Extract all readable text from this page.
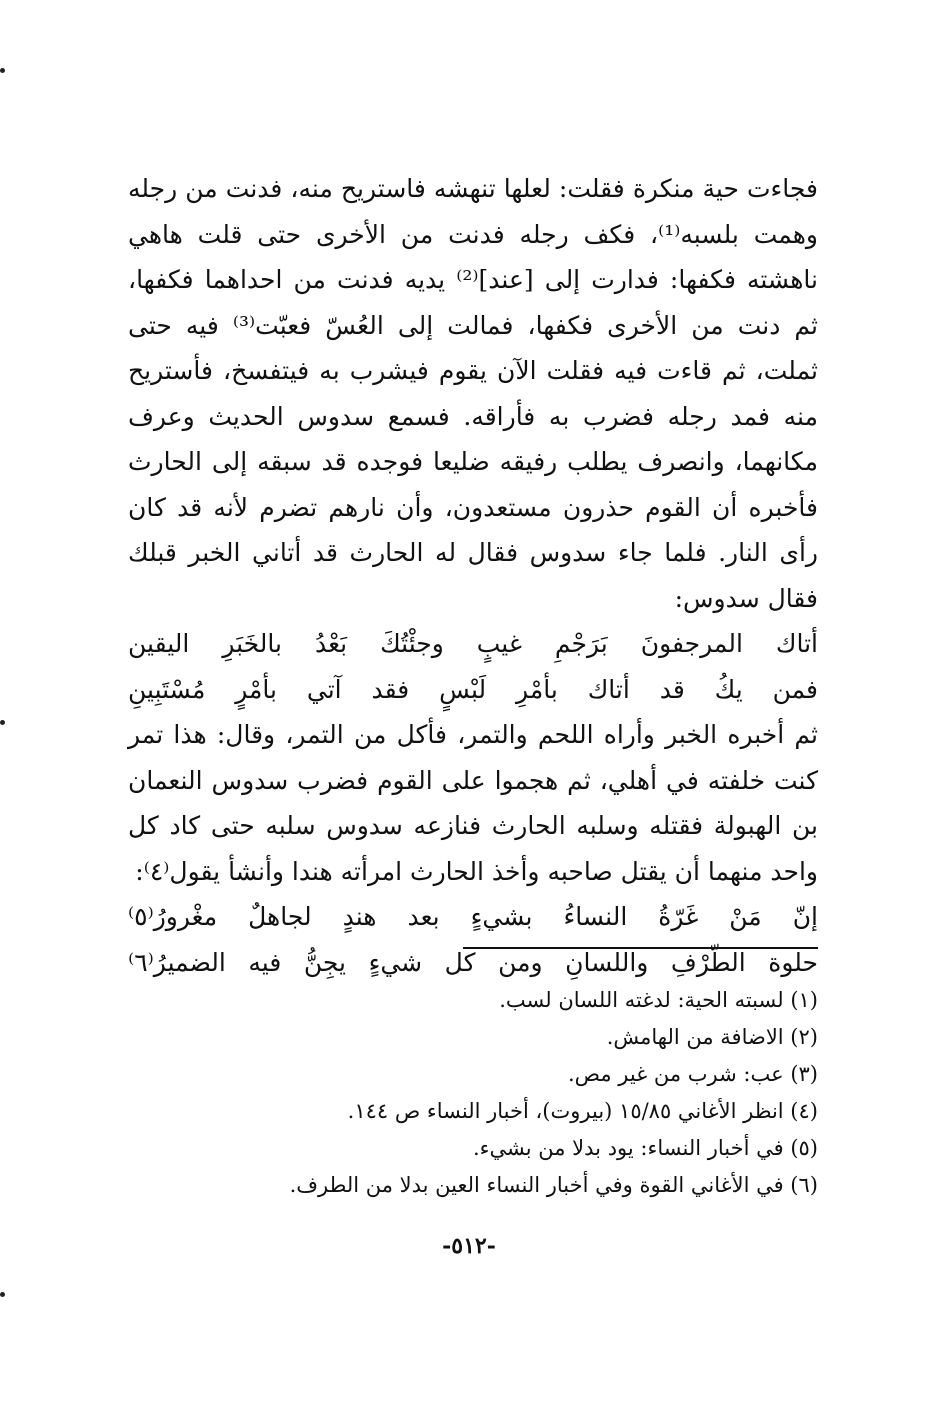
فجاءت حية منكرة فقلت: لعلها تنهشه فاستريح منه، فدنت من رجله وهمت بلسبه⁽¹⁾، فكف رجله فدنت من الأخرى حتى قلت هاهي ناهشته فكفها: فدارت إلى [عند]⁽²⁾ يديه فدنت من احداهما فكفها، ثم دنت من الأخرى فكفها، فمالت إلى العُسّ فعبّت⁽³⁾ فيه حتى ثملت، ثم قاءت فيه فقلت الآن يقوم فيشرب به فيتفسخ، فأستريح منه فمد رجله فضرب به فأراقه. فسمع سدوس الحديث وعرف مكانهما، وانصرف يطلب رفيقه ضليعا فوجده قد سبقه إلى الحارث فأخبره أن القوم حذرون مستعدون، وأن نارهم تضرم لأنه قد كان رأى النار. فلما جاء سدوس فقال له الحارث قد أتاني الخبر قبلك فقال سدوس:

أتاك
المرجفونَ
بَرَجْمِ
غيبٍ
وجئْتُكَ
بَعْدُ
بالخَبَرِ
اليقين
فمن
يكُ
قد
أتاك
بأمْرِ
لَبْسٍ
فقد
آتي
بأمْرٍ
مُسْتَبِينِ

ثم أخبره الخبر وأراه اللحم والتمر، فأكل من التمر، وقال: هذا تمر كنت خلفته في أهلي، ثم هجموا على القوم فضرب سدوس النعمان بن الهبولة فقتله وسلبه الحارث فنازعه سدوس سلبه حتى كاد كل واحد منهما أن يقتل صاحبه وأخذ الحارث امرأته هندا وأنشأ يقول⁽٤⁾:

إنّ
مَنْ
غَرّةُ
النساءُ
بشيءٍ
بعد
هندٍ
لجاهلٌ
مغْرورُ⁽٥⁾
حلوة
الطّرْفِ
واللسانِ
ومن
كل
شيءٍ
يجِنُّ
فيه
الضميرُ⁽٦⁾

(١) لسبته الحية: لدغته اللسان لسب.

(٢) الاضافة من الهامش.

(٣) عب: شرب من غير مص.

(٤) انظر الأغاني ١٥/٨٥ (بيروت)، أخبار النساء ص ١٤٤.

(٥) في أخبار النساء: يود بدلا من بشيء.

(٦) في الأغاني القوة وفي أخبار النساء العين بدلا من الطرف.

-٥١٢-
